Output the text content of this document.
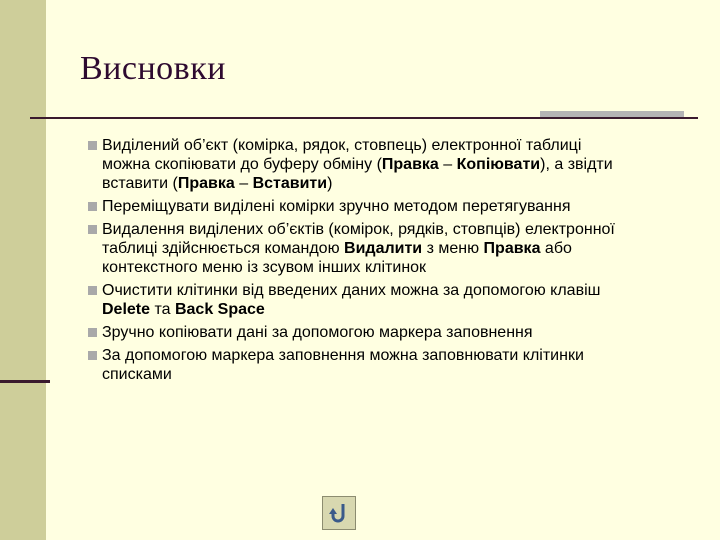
Висновки
Виділений об’єкт (комірка, рядок, стовпець) електронної таблиці можна скопіювати до буферу обміну (Правка – Копіювати), а звідти вставити (Правка – Вставити)
Переміщувати виділені комірки зручно методом перетягування
Видалення виділених об’єктів (комірок, рядків, стовпців) електронної таблиці здійснюється командою Видалити з меню Правка або контекстного меню із зсувом інших клітинок
Очистити клітинки від введених даних можна за допомогою клавіш Delete та Back Space
Зручно копіювати дані за допомогою маркера заповнення
За допомогою маркера заповнення можна заповнювати клітинки списками
